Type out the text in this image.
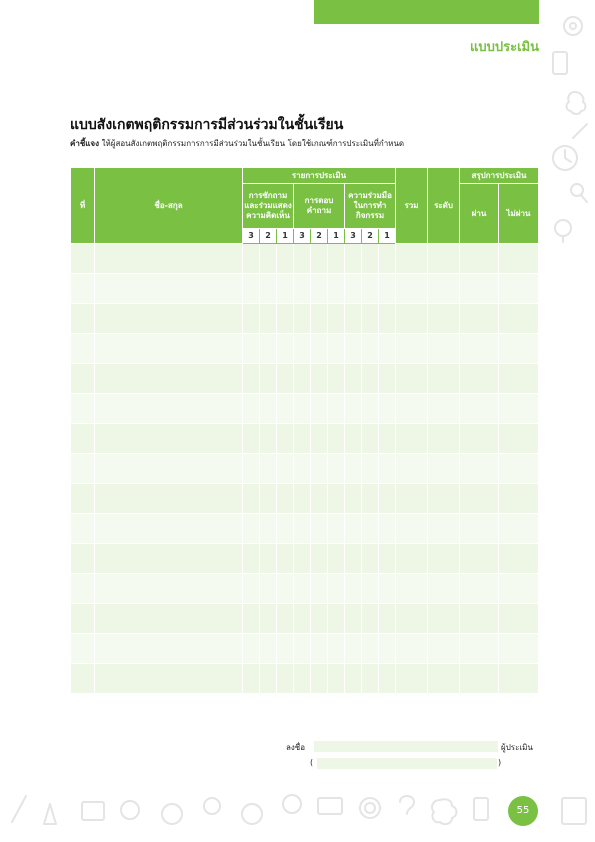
แบบประเมิน
แบบสังเกตพฤติกรรมการมีส่วนร่วมในชั้นเรียน
คำชี้แจง ให้ผู้สอนสังเกตพฤติกรรมการการมีส่วนร่วมในชั้นเรียน โดยใช้เกณฑ์การประเมินที่กำหนด
ที่	ชื่อ-สกุล	รายการประเมิน									รวม	ระดับ	สรุปการประเมิน	
		การซักถามและร่วมแสดงความคิดเห็น			การตอบคำถาม			ความร่วมมือในการทำกิจกรรม					ผ่าน	ไม่ผ่าน
		3	2	1	3	2	1	3	2	1				

ลงชื่อ	ผู้ประเมิน
(	)
55
